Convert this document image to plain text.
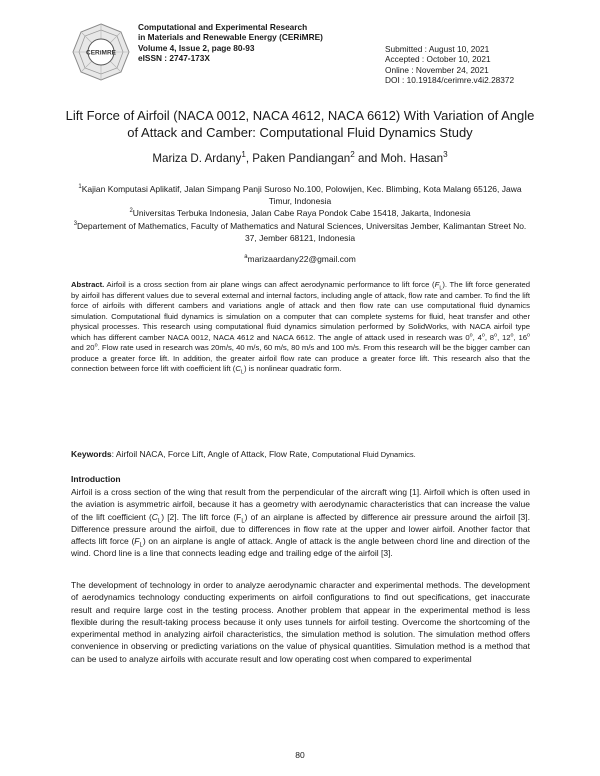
CERiMRE
Computational and Experimental Research
in Materials and Renewable Energy (CERiMRE)
Volume 4, Issue 2, page 80-93
eISSN : 2747-173X
Submitted : August 10, 2021
Accepted : October 10, 2021
Online : November 24, 2021
DOI : 10.19184/cerimre.v4i2.28372
Lift Force of Airfoil (NACA 0012, NACA 4612, NACA 6612) With Variation of Angle of Attack and Camber: Computational Fluid Dynamics Study
Mariza D. Ardany$^1$, Paken Pandiangan$^2$ and Moh. Hasan$^3$
$^1$Kajian Komputasi Aplikatif, Jalan Simpang Panji Suroso No.100, Polowijen, Kec. Blimbing, Kota Malang 65126, Jawa Timur, Indonesia
$^2$Universitas Terbuka Indonesia, Jalan Cabe Raya Pondok Cabe 15418, Jakarta, Indonesia
$^3$Departement of Mathematics, Faculty of Mathematics and Natural Sciences, Universitas Jember, Kalimantan Street No. 37, Jember 68121, Indonesia
$^a$marizaardany22@gmail.com
Abstract. Airfoil is a cross section from air plane wings can affect aerodynamic performance to lift force $(F_L)$. The lift force generated by airfoil has different values due to several external and internal factors, including angle of attack, flow rate and camber. To find the lift force of airfoils with different cambers and variations angle of attack and then flow rate can use computational fluid dynamics simulation. Computational fluid dynamics is simulation on a computer that can complete systems for fluid, heat transfer and other physical processes. This research using computational fluid dynamics simulation performed by SolidWorks, with NACA airfoil type which has different camber NACA 0012, NACA 4612 and NACA 6612. The angle of attack used in research was 0$^o$, 4$^o$, 8$^o$, 12$^o$, 16$^o$ and 20$^o$. Flow rate used in research was 20m/s, 40 m/s, 60 m/s, 80 m/s and 100 m/s. From this research will be the bigger camber can produce a greater force lift. In addition, the greater airfoil flow rate can produce a greater force lift. This research also that the connection between force lift with coefficient lift $(C_L)$ is nonlinear quadratic form.
Keywords: Airfoil NACA, Force Lift, Angle of Attack, Flow Rate, Computational Fluid Dynamics.
Introduction
Airfoil is a cross section of the wing that result from the perpendicular of the aircraft wing [1]. Airfoil which is often used in the aviation is asymmetric airfoil, because it has a geometry with aerodynamic characteristics that can increase the value of the lift coefficient $(C_L)$ [2]. The lift force $(F_L)$ of an airplane is affected by difference air pressure around the airfoil [3]. Difference pressure around the airfoil, due to differences in flow rate at the upper and lower airfoil. Another factor that affects lift force $(F_L)$ on an airplane is angle of attack. Angle of attack is the angle between chord line and direction of the wind. Chord line is a line that connects leading edge and trailing edge of the airfoil [3].
The development of technology in order to analyze aerodynamic character and experimental methods. The development of aerodynamics technology conducting experiments on airfoil configurations to find out specifications, get inaccurate result and require large cost in the testing process. Another problem that appear in the experimental method is less flexible during the result-taking process because it only uses tunnels for airfoil testing. Overcome the shortcoming of the experimental method in analyzing airfoil characteristics, the simulation method is solution. The simulation method offers convenience in observing or predicting variations on the value of physical quantities. Simulation method is a method that can be used to analyze airfoils with accurate result and low operating cost when compared to experimental
80
